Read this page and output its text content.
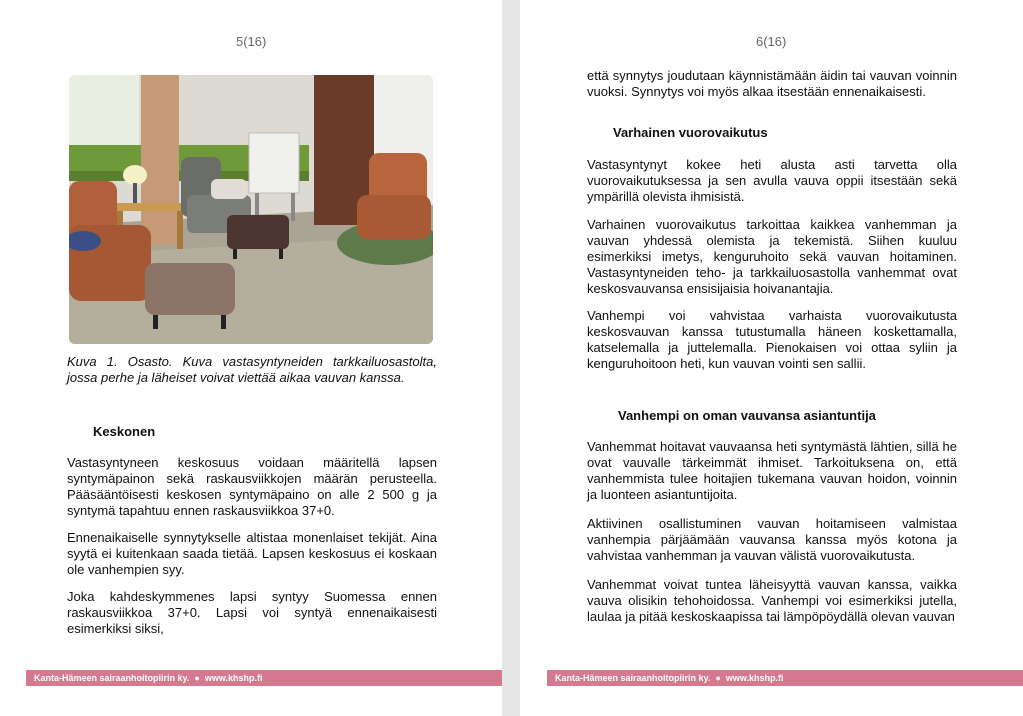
5(16)
Kuva 1. Osasto. Kuva vastasyntyneiden tarkkailuosastolta, jossa perhe ja läheiset voivat viettää aikaa vauvan kanssa.
Keskonen

Vastasyntyneen keskosuus voidaan määritellä lapsen syntymäpainon sekä raskausviikkojen määrän perusteella. Pääsääntöisesti keskosen syntymäpaino on alle 2 500 g ja syntymä tapahtuu ennen raskausviikkoa 37+0.

Ennenaikaiselle synnytykselle altistaa monenlaiset tekijät. Aina syytä ei kuitenkaan saada tietää. Lapsen keskosuus ei koskaan ole vanhempien syy.

Joka kahdeskymmenes lapsi syntyy Suomessa ennen raskausviikkoa 37+0. Lapsi voi syntyä ennenaikaisesti esimerkiksi siksi,

Kanta-Hämeen sairaanhoitopiirin ky. ● www.khshp.fi
6(16)

että synnytys joudutaan käynnistämään äidin tai vauvan voinnin vuoksi. Synnytys voi myös alkaa itsestään ennenaikaisesti.

Varhainen vuorovaikutus

Vastasyntynyt kokee heti alusta asti tarvetta olla vuorovaikutuksessa ja sen avulla vauva oppii itsestään sekä ympärillä olevista ihmisistä.

Varhainen vuorovaikutus tarkoittaa kaikkea vanhemman ja vauvan yhdessä olemista ja tekemistä. Siihen kuuluu esimerkiksi imetys, kenguruhoito sekä vauvan hoitaminen. Vastasyntyneiden teho- ja tarkkailuosastolla vanhemmat ovat keskosvauvansa ensisijaisia hoivanantajia.

Vanhempi voi vahvistaa varhaista vuorovaikutusta keskosvauvan kanssa tutustumalla häneen koskettamalla, katselemalla ja juttelemalla. Pienokaisen voi ottaa syliin ja kenguruhoitoon heti, kun vauvan vointi sen sallii.

Vanhempi on oman vauvansa asiantuntija

Vanhemmat hoitavat vauvaansa heti syntymästä lähtien, sillä he ovat vauvalle tärkeimmät ihmiset. Tarkoituksena on, että vanhemmista tulee hoitajien tukemana vauvan hoidon, voinnin ja luonteen asiantuntijoita.

Aktiivinen osallistuminen vauvan hoitamiseen valmistaa vanhempia pärjäämään vauvansa kanssa myös kotona ja vahvistaa vanhemman ja vauvan välistä vuorovaikutusta.

Vanhemmat voivat tuntea läheisyyttä vauvan kanssa, vaikka vauva olisikin tehohoidossa. Vanhempi voi esimerkiksi jutella, laulaa ja pitää keskoskaapissa tai lämpöpöydällä olevan vauvan

Kanta-Hämeen sairaanhoitopiirin ky. ● www.khshp.fi
